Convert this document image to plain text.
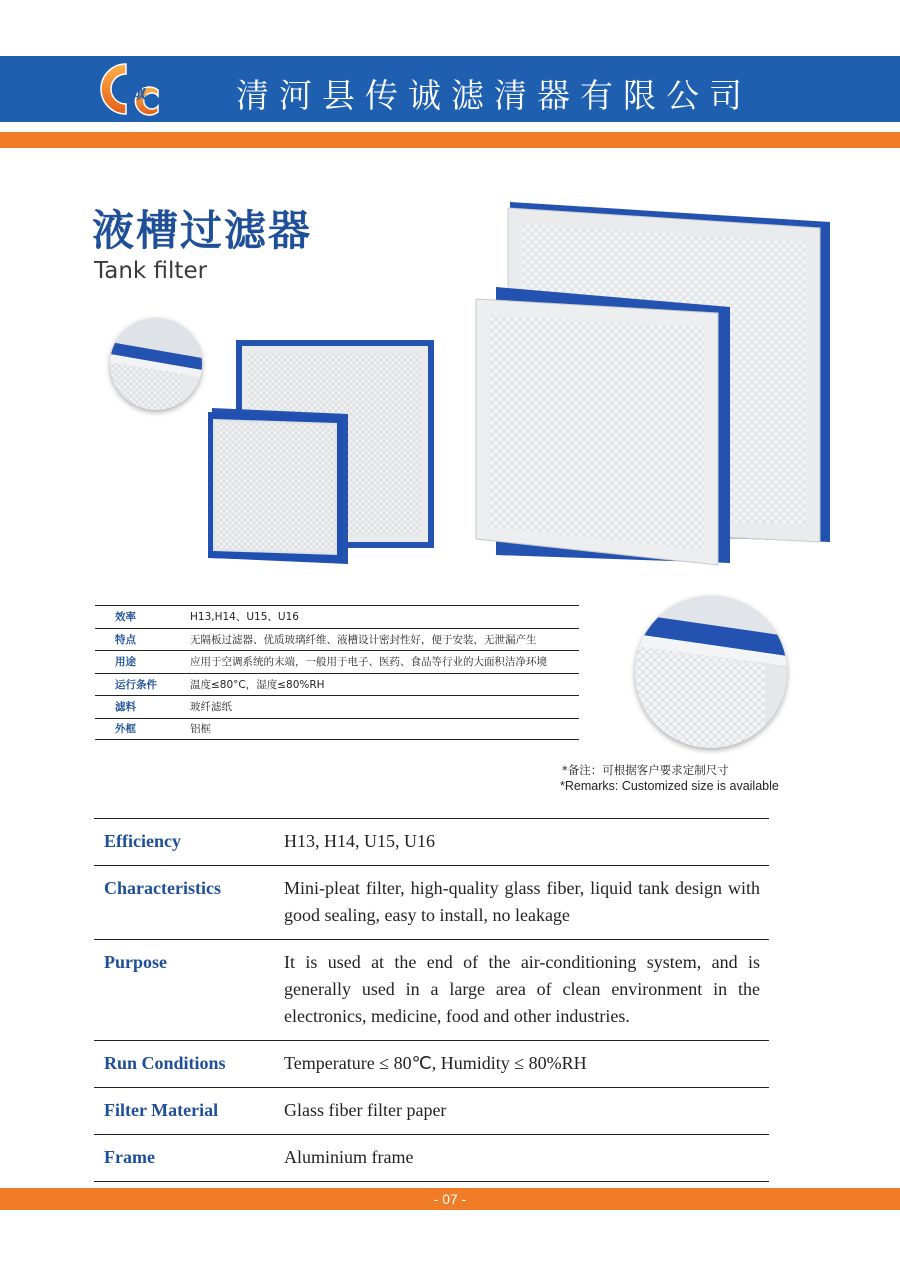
诚	清河县传诚滤清器有限公司
液槽过滤器
Tank filter
效率	H13,H14、U15、U16
特点	无隔板过滤器、优质玻璃纤维、液槽设计密封性好，便于安装，无泄漏产生
用途	应用于空调系统的末端，一般用于电子、医药、食品等行业的大面积洁净环境
运行条件	温度≤80°C，湿度≤80%RH
滤料	玻纤滤纸
外框	铝框
*备注：可根据客户要求定制尺寸
*Remarks: Customized size is available
Efficiency	H13, H14, U15, U16
Characteristics	Mini-pleat filter, high-quality glass fiber, liquid tank design with good sealing, easy to install, no leakage
Purpose	It is used at the end of the air-conditioning system, and is generally used in a large area of clean environment in the electronics, medicine, food and other industries.
Run Conditions	Temperature ≤ 80℃, Humidity ≤ 80%RH
Filter Material	Glass fiber filter paper
Frame	Aluminium frame
- 07 -
